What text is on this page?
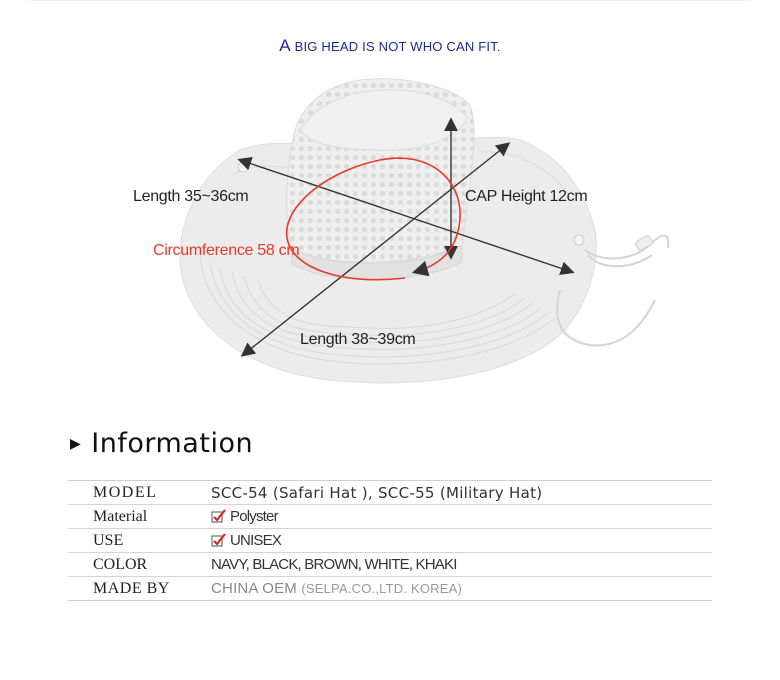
A BIG HEAD IS NOT WHO CAN FIT.
Length 35~36cm	CAP Height 12cm
Circumference 58 cm
Length 38~39cm
▶ Information
MODEL	SCC-54 (Safari Hat ), SCC-55 (Military Hat)
Material	Polyster
USE	UNISEX
COLOR	NAVY, BLACK, BROWN, WHITE, KHAKI
MADE BY	CHINA OEM (SELPA.CO.,LTD. KOREA)
